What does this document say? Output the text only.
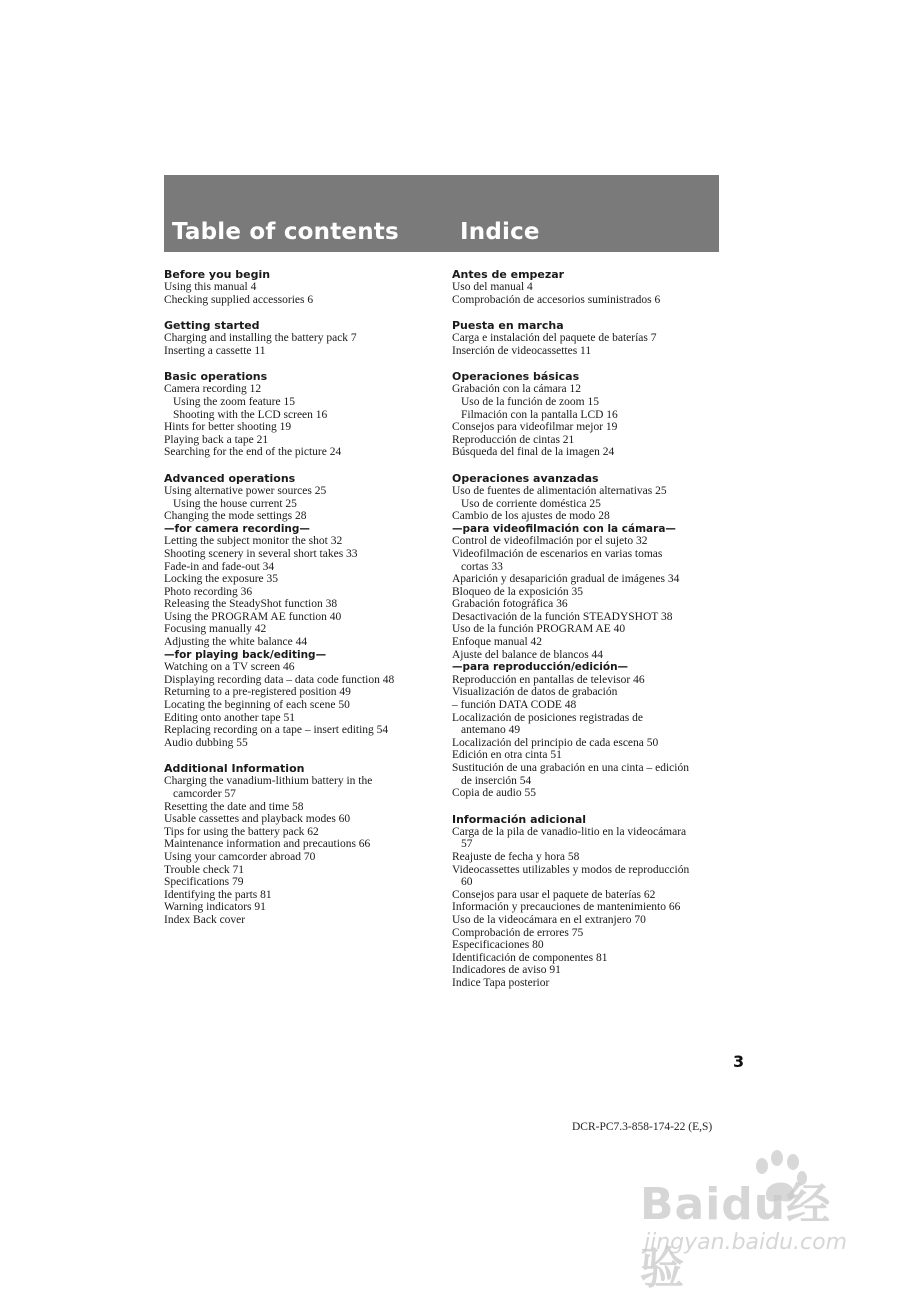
Table of contents	Indice
Before you begin
Using this manual 4
Checking supplied accessories 6
Getting started
Charging and installing the battery pack 7
Inserting a cassette 11
Basic operations
Camera recording 12
Using the zoom feature 15
Shooting with the LCD screen 16
Hints for better shooting 19
Playing back a tape 21
Searching for the end of the picture 24
Advanced operations
Using alternative power sources 25
Using the house current 25
Changing the mode settings 28
—for camera recording—
Letting the subject monitor the shot 32
Shooting scenery in several short takes 33
Fade-in and fade-out 34
Locking the exposure 35
Photo recording 36
Releasing the SteadyShot function 38
Using the PROGRAM AE function 40
Focusing manually 42
Adjusting the white balance 44
—for playing back/editing—
Watching on a TV screen 46
Displaying recording data – data code function 48
Returning to a pre-registered position 49
Locating the beginning of each scene 50
Editing onto another tape 51
Replacing recording on a tape – insert editing 54
Audio dubbing 55
Additional Information
Charging the vanadium-lithium battery in the
camcorder 57
Resetting the date and time 58
Usable cassettes and playback modes 60
Tips for using the battery pack 62
Maintenance information and precautions 66
Using your camcorder abroad 70
Trouble check 71
Specifications 79
Identifying the parts 81
Warning indicators 91
Index Back cover
Antes de empezar
Uso del manual 4
Comprobación de accesorios suministrados 6
Puesta en marcha
Carga e instalación del paquete de baterías 7
Inserción de videocassettes 11
Operaciones básicas
Grabación con la cámara 12
Uso de la función de zoom 15
Filmación con la pantalla LCD 16
Consejos para videofilmar mejor 19
Reproducción de cintas 21
Búsqueda del final de la imagen 24
Operaciones avanzadas
Uso de fuentes de alimentación alternativas 25
Uso de corriente doméstica 25
Cambio de los ajustes de modo 28
—para videofilmación con la cámara—
Control de videofilmación por el sujeto 32
Videofilmación de escenarios en varias tomas
cortas 33
Aparición y desaparición gradual de imágenes 34
Bloqueo de la exposición 35
Grabación fotográfica 36
Desactivación de la función STEADYSHOT 38
Uso de la función PROGRAM AE 40
Enfoque manual 42
Ajuste del balance de blancos 44
—para reproducción/edición—
Reproducción en pantallas de televisor 46
Visualización de datos de grabación
– función DATA CODE 48
Localización de posiciones registradas de
antemano 49
Localización del principio de cada escena 50
Edición en otra cinta 51
Sustitución de una grabación en una cinta – edición
de inserción 54
Copia de audio 55
Información adicional
Carga de la pila de vanadio-litio en la videocámara
57
Reajuste de fecha y hora 58
Videocassettes utilizables y modos de reproducción
60
Consejos para usar el paquete de baterías 62
Información y precauciones de mantenimiento 66
Uso de la videocámara en el extranjero 70
Comprobación de errores 75
Especificaciones 80
Identificación de componentes 81
Indicadores de aviso 91
Indice Tapa posterior
3
DCR-PC7.3-858-174-22 (E,S)
Baidu经验
jingyan.baidu.com
